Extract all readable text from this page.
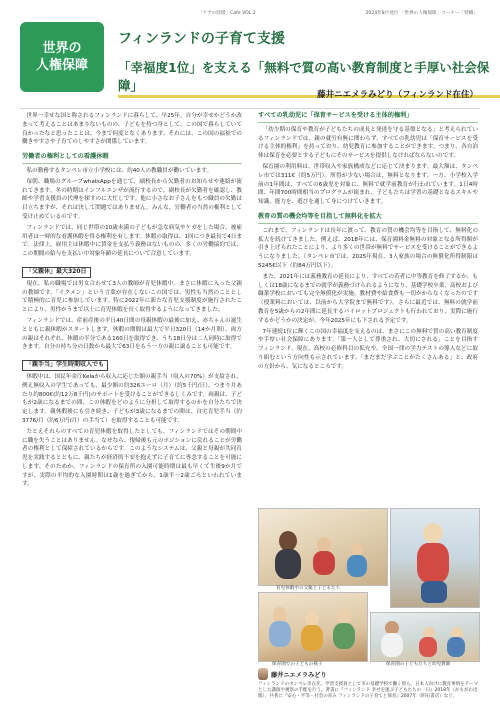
「ケアの陸燈」Cafe VOL.2	2024年8月発行 「世界の人権保障」コーナー「特輯」
世界の
人権保障
フィンランドの子育て支援
「幸福度1位」を支える「無料で質の高い教育制度と手厚い社会保障」
藤井ニエメラみどり（フィンランド在住）

世界一幸せな国と称されるフィンランドに暮らして、早25年。自分が幸せかどうか改まって考えることはあまりないものの、子どもを持つ身として、この国で暮らしていて良かったなと思ったことは、今まで何度となくあります。それには、この国の福祉での働きやすさや子育てのしやすさが関係しています。

労働者の権利としての看護休暇

私の勤務するタンペレ市立小学校には、約40人の教職員が働いています。

毎朝、職場のグループwhatsAppを通じて、副校長から欠勤者のお知らせや連絡が流れてきます。冬の時期はインフルエンザが流行するので、副校長が欠勤者を確認し、教師や学習支援員の代理を探すのに大忙しです。他に小さなお子さんをもつ職員の欠勤は目立ちますが、それは決して問題ではありません。みんな、労働者の当然の権利として受け止めているのです。

フィンランドでは、同じ世帯の10歳未満の子どもが急な病気やケガをした場合、被雇用者は一時的な看護休暇を得る権利を有します。休暇の取得は、1回につき最長で4日まで。法律上、雇用主は休暇中に賃金を支払う義務はないものの、多くの労働協約では、この期間の給与を支払い中対象年齢の延長について合意しています。

「父親休」最大320日

現在、私の職場では男女合わせて3人の教師が育児休暇中。まさに休暇に入った父親の教師です。「イクメン」という言葉が存在しないこの国では、男性も当然のこととして積極的に育児に参加しています。特に2022年に新たな育児支援制度が施行されたことにより、男性がうまで以上に育児休暇を長く取得するようになってきました。

フィンランドでは、産前産後の平日40日間の母親休暇の最後に加え、赤ちゃんの誕生とともに親休暇がスタートします。休暇の期間は最大で平日320日（14か月間）。両方の親はそれぞれ、休暇の半分である160日を取得でき、うち18日分は二人同時に取得できます。自分の持ち分の日数から最大で63日をもう一方の親に譲ることも可能です。

「親手当」学生時期収入でも

休暇中は、国民年金庁Kelaから収入に応じた額の親手当（収入の70%）が支給され、例え無収入の学生であっても、最少額の約326ユーロ（月）（約5千円/日）、つまり月あたり約800€(約12万8千円)のサポートを受けることができるしくみです。両親は、子どもが2歳になるまでの間、この休暇をどのように分担して取得するのかを自分たちで決定します。親休暇後にも引き続き、子どもが3歳になるまでの間は、自宅育児手当（約3776/月（約6万円/月）の手当て）を取得することも可能です。

たとえそれらのすべての育児休暇を取得したとしても、フィンランドではその期間中に職を失うことはありません。なぜなら、復帰後も元のポジションに戻れることが労働者の権利として保障されているからです。このようなシステムは、父親と母親が共同育児を実践するとともに、親たちが経済的不安を抱えずに子育てに専念することを可能にします。そのためか、フィンランドの保育所の入園可能時期は最も早くて生後9か月ですが、実際の平均的な入園時期は1歳を過ぎてから、1歳半〜2歳ごろといわれています。

すべての乳幼児に「保育サービスを受ける主体的権利」

「幼少期の保育や教育が子どもたちの成長と発達を守る基盤となる」と考えられているフィンランドでは、親の就労有無に関わらず、すべての乳幼児は「保育サービスを受ける主体的権利」を持っており、幼児教育に参加することができます。つまり、各自治体は保育を必要とする子どもにそのサービスを提供しなければならないのです。

保育園の利用料は、世帯収入や家族構成などに応じて決まります。最大額は、タンペレ市では311€（約5万円）。所得が少ない場合は、無料となります。一方、小学校入学前の1年間は、すべての6歳児を対象に、無料で就学前教育が行われています。1日4時間、年間700時間相当のプログラムが組まれ、子どもたちは学習の基礎となるスキルや知識、能力を、遊びを通して身につけていきます。

教育の質の機会均等を目指して無料化を拡大

これまで、フィンランドは長年に渡って、教育の質の機会均等を目指して、無料化の拡大を続けてきました。例えば、2018年には、保育園料金無料の対象となる所得額が引き上げられたことにより、より多くの世帯が無料でサービスを受けることができるようになりました。（タンペレ市では、2025年現在、3人家族の場合の無償化所得制限は5245€以下（約84万円以下）。

また、2021年には義務教育の延長により、すべての若者に中等教育を修了するか、もしくは18歳になるまでの就学が義務づけられるようになり、基礎学校卒業、高校および職業学校においても完全無償化が実施。教材費や給食費も一切かからなくなったのです（授業料においては、以前から大学院まで無料です）。さらに最近では、無料の就学前教育を5歳からの2年間に延長するパイロットプロジェクトも行われており、実際に施行するかどうかの決定が、今年2025年にも下される予定です。

7年連続1位に輝くこの国の幸福度を支えるのは、まさにこの無料で質の高い教育制度や手厚い社会保障にあります。「第一人として尊重され、大切にされる」ことを目指すフィンランド。現在、高校の必修科目の拡充や、全国一律の学力テストの導入などに取り組むという方向性も示されています。「まだまだ学ぶことがたくさんある」と、政府の方針から、気になるところです。

育児休暇中の父親と子どもたち
保育園での子どもの様子	保育園の子どもたちと幼児教師
藤井ニエメラみどり
フィンランドのタンペレ市在住。学習支援員として市の基礎学校で働く傍ら、日本人向けに教育事情をテーマとした講演や視察の手配を行う。著書に『フィンランド 幸せを運ぶ子どもたちの一日』2018年（かもがわ出版）、共著に『安心・平等・社会の育み フィンランドの子育てと保育』2007年（明石書店）など。
